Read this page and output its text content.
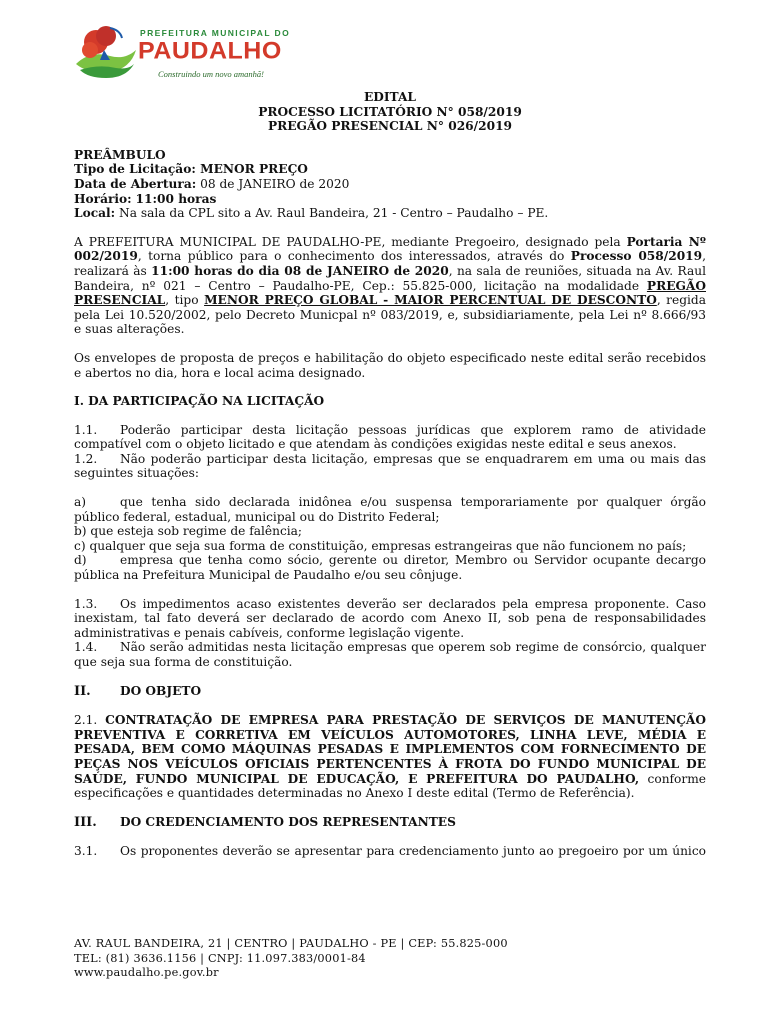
PREFEITURA MUNICIPAL DO
PAUDALHO
Construindo um novo amanhã!
EDITAL
PROCESSO LICITATÓRIO N° 058/2019
PREGÃO PRESENCIAL N° 026/2019
PREÂMBULO
Tipo de Licitação: MENOR PREÇO
Data de Abertura: 08 de JANEIRO de 2020
Horário: 11:00 horas
Local: Na sala da CPL sito a Av. Raul Bandeira, 21 - Centro – Paudalho – PE.

A PREFEITURA MUNICIPAL DE PAUDALHO-PE, mediante Pregoeiro, designado pela Portaria Nº 002/2019, torna público para o conhecimento dos interessados, através do Processo 058/2019, realizará às 11:00 horas do dia 08 de JANEIRO de 2020, na sala de reuniões, situada na Av. Raul Bandeira, nº 021 – Centro – Paudalho-PE, Cep.: 55.825-000, licitação na modalidade PREGÃO PRESENCIAL, tipo MENOR PREÇO GLOBAL - MAIOR PERCENTUAL DE DESCONTO, regida pela Lei 10.520/2002, pelo Decreto Municpal nº 083/2019, e, subsidiariamente, pela Lei nº 8.666/93 e suas alterações.

Os envelopes de proposta de preços e habilitação do objeto especificado neste edital serão recebidos e abertos no dia, hora e local acima designado.

I. DA PARTICIPAÇÃO NA LICITAÇÃO

1.1. Poderão participar desta licitação pessoas jurídicas que explorem ramo de atividade compatível com o objeto licitado e que atendam às condições exigidas neste edital e seus anexos.

1.2. Não poderão participar desta licitação, empresas que se enquadrarem em uma ou mais das seguintes situações:

a)	que tenha sido declarada inidônea e/ou suspensa temporariamente por qualquer órgão público federal, estadual, municipal ou do Distrito Federal;

b) que esteja sob regime de falência;

c) qualquer que seja sua forma de constituição, empresas estrangeiras que não funcionem no país;

d)	empresa que tenha como sócio, gerente ou diretor, Membro ou Servidor ocupante decargo pública na Prefeitura Municipal de Paudalho e/ou seu cônjuge.

1.3. Os impedimentos acaso existentes deverão ser declarados pela empresa proponente. Caso inexistam, tal fato deverá ser declarado de acordo com Anexo II, sob pena de responsabilidades administrativas e penais cabíveis, conforme legislação vigente.

1.4. Não serão admitidas nesta licitação empresas que operem sob regime de consórcio, qualquer que seja sua forma de constituição.

II. DO OBJETO

2.1. CONTRATAÇÃO DE EMPRESA PARA PRESTAÇÃO DE SERVIÇOS DE MANUTENÇÃO PREVENTIVA E CORRETIVA EM VEÍCULOS AUTOMOTORES, LINHA LEVE, MÉDIA E PESADA, BEM COMO MÁQUINAS PESADAS E IMPLEMENTOS COM FORNECIMENTO DE PEÇAS NOS VEÍCULOS OFICIAIS PERTENCENTES À FROTA DO FUNDO MUNICIPAL DE SAÚDE, FUNDO MUNICIPAL DE EDUCAÇÃO, E PREFEITURA DO PAUDALHO, conforme especificações e quantidades determinadas no Anexo I deste edital (Termo de Referência).

III. DO CREDENCIAMENTO DOS REPRESENTANTES

3.1. Os proponentes deverão se apresentar para credenciamento junto ao pregoeiro por um único

AV. RAUL BANDEIRA, 21 | CENTRO | PAUDALHO - PE | CEP: 55.825-000
TEL: (81) 3636.1156 | CNPJ: 11.097.383/0001-84
www.paudalho.pe.gov.br
